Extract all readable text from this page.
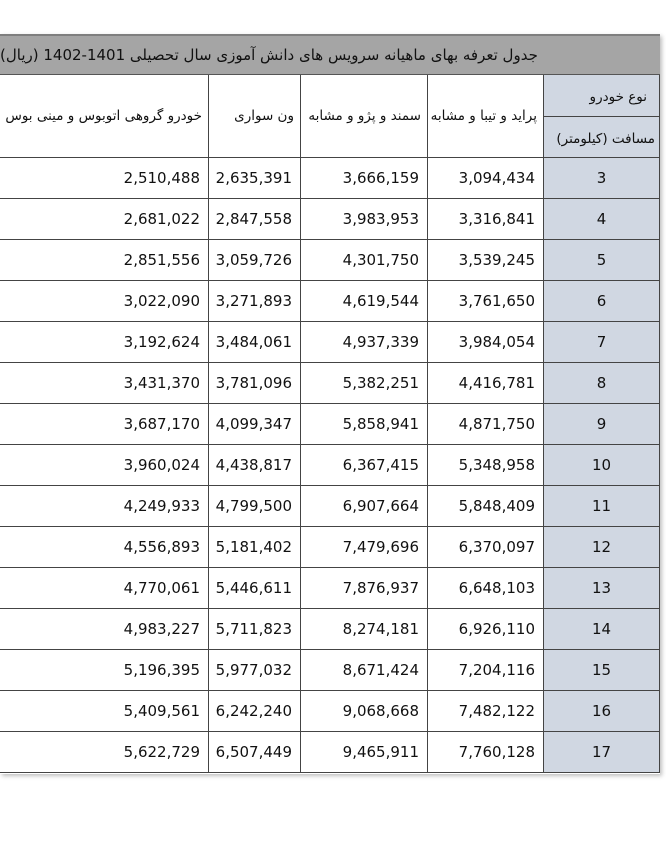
جدول تعرفه بهای ماهیانه سرویس های دانش آموزی سال تحصیلی 1401-1402 (ریال)
نوع خودرو
مسافت (کیلومتر)
پراید و تیبا و مشابه
سمند و پژو و مشابه
ون سواری
خودرو گروهی اتوبوس و مینی بوس
3
3,094,434
3,666,159
2,635,391
2,510,488
4
3,316,841
3,983,953
2,847,558
2,681,022
5
3,539,245
4,301,750
3,059,726
2,851,556
6
3,761,650
4,619,544
3,271,893
3,022,090
7
3,984,054
4,937,339
3,484,061
3,192,624
8
4,416,781
5,382,251
3,781,096
3,431,370
9
4,871,750
5,858,941
4,099,347
3,687,170
10
5,348,958
6,367,415
4,438,817
3,960,024
11
5,848,409
6,907,664
4,799,500
4,249,933
12
6,370,097
7,479,696
5,181,402
4,556,893
13
6,648,103
7,876,937
5,446,611
4,770,061
14
6,926,110
8,274,181
5,711,823
4,983,227
15
7,204,116
8,671,424
5,977,032
5,196,395
16
7,482,122
9,068,668
6,242,240
5,409,561
17
7,760,128
9,465,911
6,507,449
5,622,729
